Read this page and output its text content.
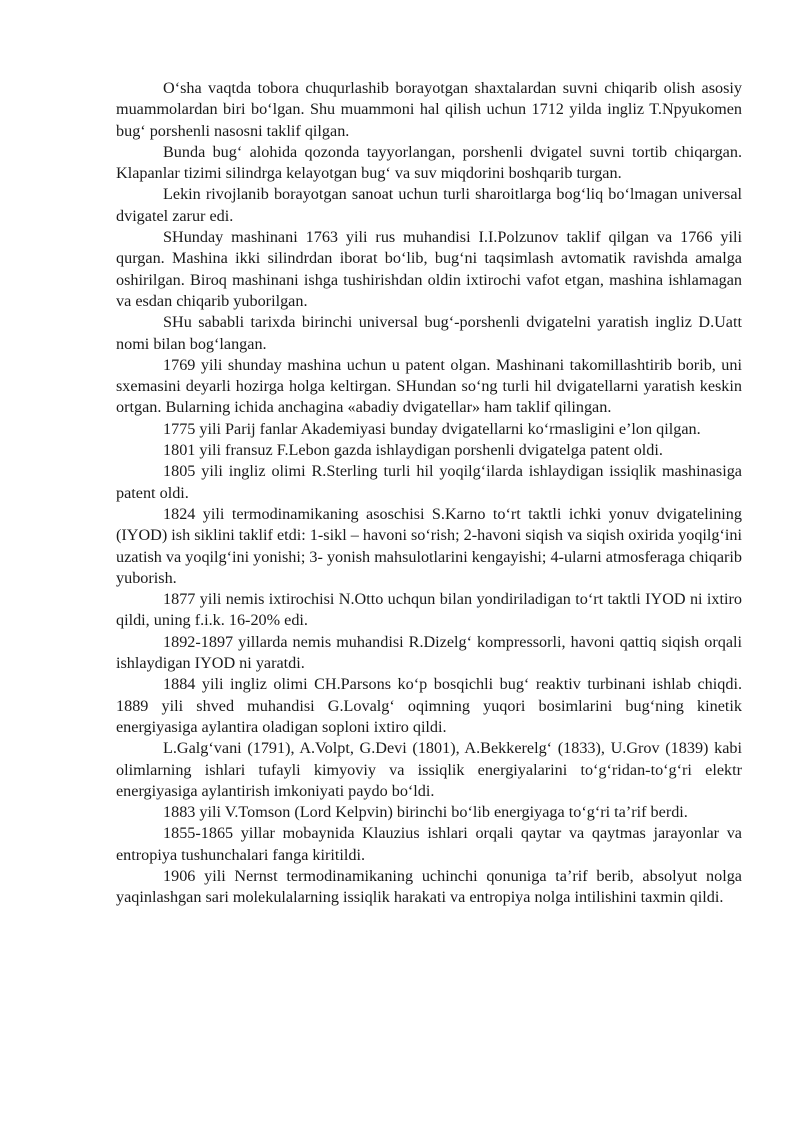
O‘sha vaqtda tobora chuqurlashib borayotgan shaxtalardan suvni chiqarib olish asosiy muammolardan biri bo‘lgan. Shu muammoni hal qilish uchun 1712 yilda ingliz T.Npyukomen bug‘ porshenli nasosni taklif qilgan.

Bunda bug‘ alohida qozonda tayyorlangan, porshenli dvigatel suvni tortib chiqargan. Klapanlar tizimi silindrga kelayotgan bug‘ va suv miqdorini boshqarib turgan.

Lekin rivojlanib borayotgan sanoat uchun turli sharoitlarga bog‘liq bo‘lmagan universal dvigatel zarur edi.

SHunday mashinani 1763 yili rus muhandisi I.I.Polzunov taklif qilgan va 1766 yili qurgan. Mashina ikki silindrdan iborat bo‘lib, bug‘ni taqsimlash avtomatik ravishda amalga oshirilgan. Biroq mashinani ishga tushirishdan oldin ixtirochi vafot etgan, mashina ishlamagan va esdan chiqarib yuborilgan.

SHu sababli tarixda birinchi universal bug‘-porshenli dvigatelni yaratish ingliz D.Uatt nomi bilan bog‘langan.

1769 yili shunday mashina uchun u patent olgan. Mashinani takomillashtirib borib, uni sxemasini deyarli hozirga holga keltirgan. SHundan so‘ng turli hil dvigatellarni yaratish keskin ortgan. Bularning ichida anchagina «abadiy dvigatellar» ham taklif qilingan.

1775 yili Parij fanlar Akademiyasi bunday dvigatellarni ko‘rmasligini e’lon qilgan.

1801 yili fransuz F.Lebon gazda ishlaydigan porshenli dvigatelga patent oldi.

1805 yili ingliz olimi R.Sterling turli hil yoqilg‘ilarda ishlaydigan issiqlik mashinasiga patent oldi.

1824 yili termodinamikaning asoschisi S.Karno to‘rt taktli ichki yonuv dvigatelining (IYOD) ish siklini taklif etdi: 1-sikl – havoni so‘rish; 2-havoni siqish va siqish oxirida yoqilg‘ini uzatish va yoqilg‘ini yonishi; 3- yonish mahsulotlarini kengayishi; 4-ularni atmosferaga chiqarib yuborish.

1877 yili nemis ixtirochisi N.Otto uchqun bilan yondiriladigan to‘rt taktli IYOD ni ixtiro qildi, uning f.i.k. 16-20% edi.

1892-1897 yillarda nemis muhandisi R.Dizelg‘ kompressorli, havoni qattiq siqish orqali ishlaydigan IYOD ni yaratdi.

1884 yili ingliz olimi CH.Parsons ko‘p bosqichli bug‘ reaktiv turbinani ishlab chiqdi. 1889 yili shved muhandisi G.Lovalg‘ oqimning yuqori bosimlarini bug‘ning kinetik energiyasiga aylantira oladigan soploni ixtiro qildi.

L.Galg‘vani (1791), A.Volpt, G.Devi (1801), A.Bekkerelg‘ (1833), U.Grov (1839) kabi olimlarning ishlari tufayli kimyoviy va issiqlik energiyalarini to‘g‘ridan-to‘g‘ri elektr energiyasiga aylantirish imkoniyati paydo bo‘ldi.

1883 yili V.Tomson (Lord Kelpvin) birinchi bo‘lib energiyaga to‘g‘ri ta’rif berdi.

1855-1865 yillar mobaynida Klauzius ishlari orqali qaytar va qaytmas jarayonlar va entropiya tushunchalari fanga kiritildi.

1906 yili Nernst termodinamikaning uchinchi qonuniga ta’rif berib, absolyut nolga yaqinlashgan sari molekulalarning issiqlik harakati va entropiya nolga intilishini taxmin qildi.
